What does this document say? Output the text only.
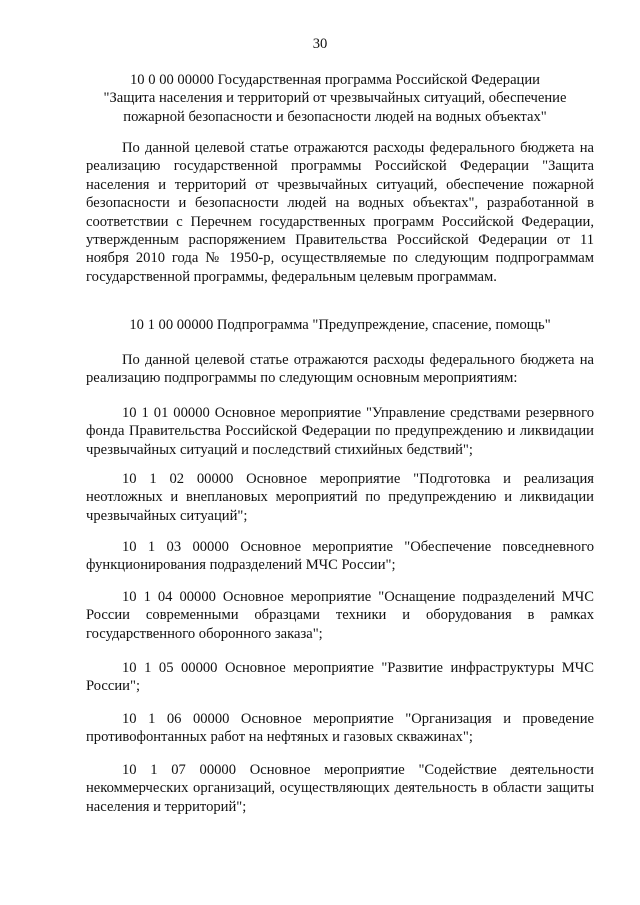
30
10 0 00 00000 Государственная программа Российской Федерации
"Защита населения и территорий от чрезвычайных ситуаций, обеспечение
пожарной безопасности и безопасности людей на водных объектах"
По данной целевой статье отражаются расходы федерального бюджета на реализацию государственной программы Российской Федерации "Защита населения и территорий от чрезвычайных ситуаций, обеспечение пожарной безопасности и безопасности людей на водных объектах", разработанной в соответствии с Перечнем государственных программ Российской Федерации, утвержденным распоряжением Правительства Российской Федерации от 11 ноября 2010 года № 1950-р, осуществляемые по следующим подпрограммам государственной программы, федеральным целевым программам.
10 1 00 00000 Подпрограмма "Предупреждение, спасение, помощь"
По данной целевой статье отражаются расходы федерального бюджета на реализацию подпрограммы по следующим основным мероприятиям:
10 1 01 00000 Основное мероприятие "Управление средствами резервного фонда Правительства Российской Федерации по предупреждению и ликвидации чрезвычайных ситуаций и последствий стихийных бедствий";
10 1 02 00000 Основное мероприятие "Подготовка и реализация неотложных и внеплановых мероприятий по предупреждению и ликвидации чрезвычайных ситуаций";
10 1 03 00000 Основное мероприятие "Обеспечение повседневного функционирования подразделений МЧС России";
10 1 04 00000 Основное мероприятие "Оснащение подразделений МЧС России современными образцами техники и оборудования в рамках государственного оборонного заказа";
10 1 05 00000 Основное мероприятие "Развитие инфраструктуры МЧС России";
10 1 06 00000 Основное мероприятие "Организация и проведение противофонтанных работ на нефтяных и газовых скважинах";
10 1 07 00000 Основное мероприятие "Содействие деятельности некоммерческих организаций, осуществляющих деятельность в области защиты населения и территорий";
